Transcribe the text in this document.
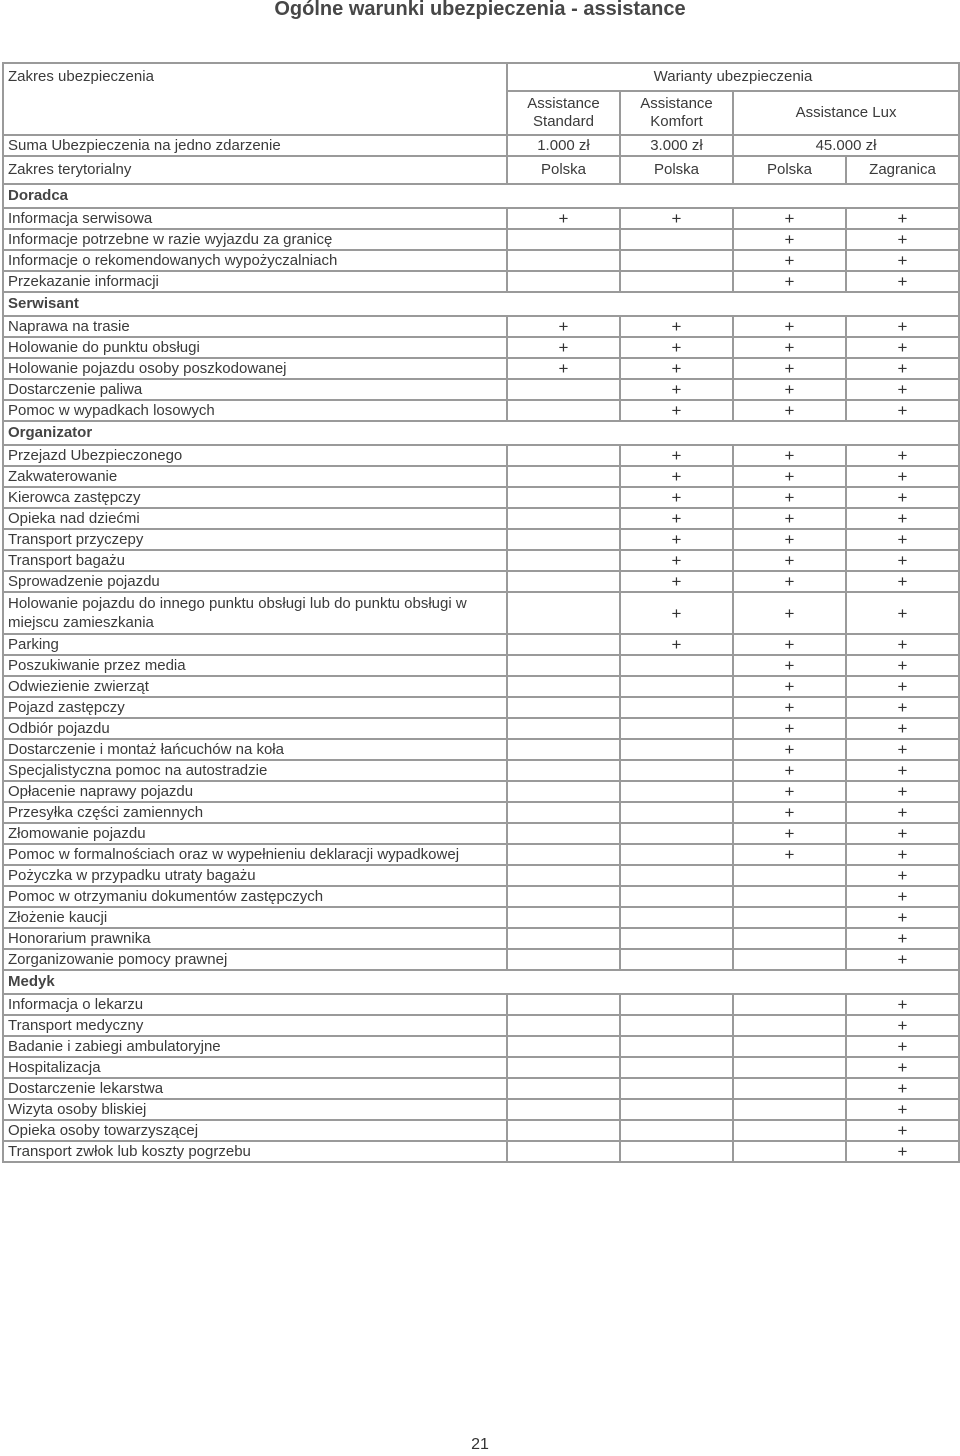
Ogólne warunki ubezpieczenia - assistance
Zakres ubezpieczenia	Warianty ubezpieczenia			
	Assistance Standard	Assistance Komfort	Assistance Lux	
Suma Ubezpieczenia na jedno zdarzenie	1.000 zł	3.000 zł	45.000 zł	
Zakres terytorialny	Polska	Polska	Polska	Zagranica
Doradca				
Informacja serwisowa	+	+	+	+
Informacje potrzebne w razie wyjazdu za granicę			+	+
Informacje o rekomendowanych wypożyczalniach			+	+
Przekazanie informacji			+	+
Serwisant				
Naprawa na trasie	+	+	+	+
Holowanie do punktu obsługi	+	+	+	+
Holowanie pojazdu osoby poszkodowanej	+	+	+	+
Dostarczenie paliwa		+	+	+
Pomoc w wypadkach losowych		+	+	+
Organizator				
Przejazd Ubezpieczonego		+	+	+
Zakwaterowanie		+	+	+
Kierowca zastępczy		+	+	+
Opieka nad dziećmi		+	+	+
Transport przyczepy		+	+	+
Transport bagażu		+	+	+
Sprowadzenie pojazdu		+	+	+
Holowanie pojazdu do innego punktu obsługi lub do punktu obsługi w miejscu zamieszkania		+	+	+
Parking		+	+	+
Poszukiwanie przez media			+	+
Odwiezienie zwierząt			+	+
Pojazd zastępczy			+	+
Odbiór pojazdu			+	+
Dostarczenie i montaż łańcuchów na koła			+	+
Specjalistyczna pomoc na autostradzie			+	+
Opłacenie naprawy pojazdu			+	+
Przesyłka części zamiennych			+	+
Złomowanie pojazdu			+	+
Pomoc w formalnościach oraz w wypełnieniu deklaracji wypadkowej			+	+
Pożyczka w przypadku utraty bagażu				+
Pomoc w otrzymaniu dokumentów zastępczych				+
Złożenie kaucji				+
Honorarium prawnika				+
Zorganizowanie pomocy prawnej				+
Medyk				
Informacja o lekarzu				+
Transport medyczny				+
Badanie i zabiegi ambulatoryjne				+
Hospitalizacja				+
Dostarczenie lekarstwa				+
Wizyta osoby bliskiej				+
Opieka osoby towarzyszącej				+
Transport zwłok lub koszty pogrzebu				+
21
